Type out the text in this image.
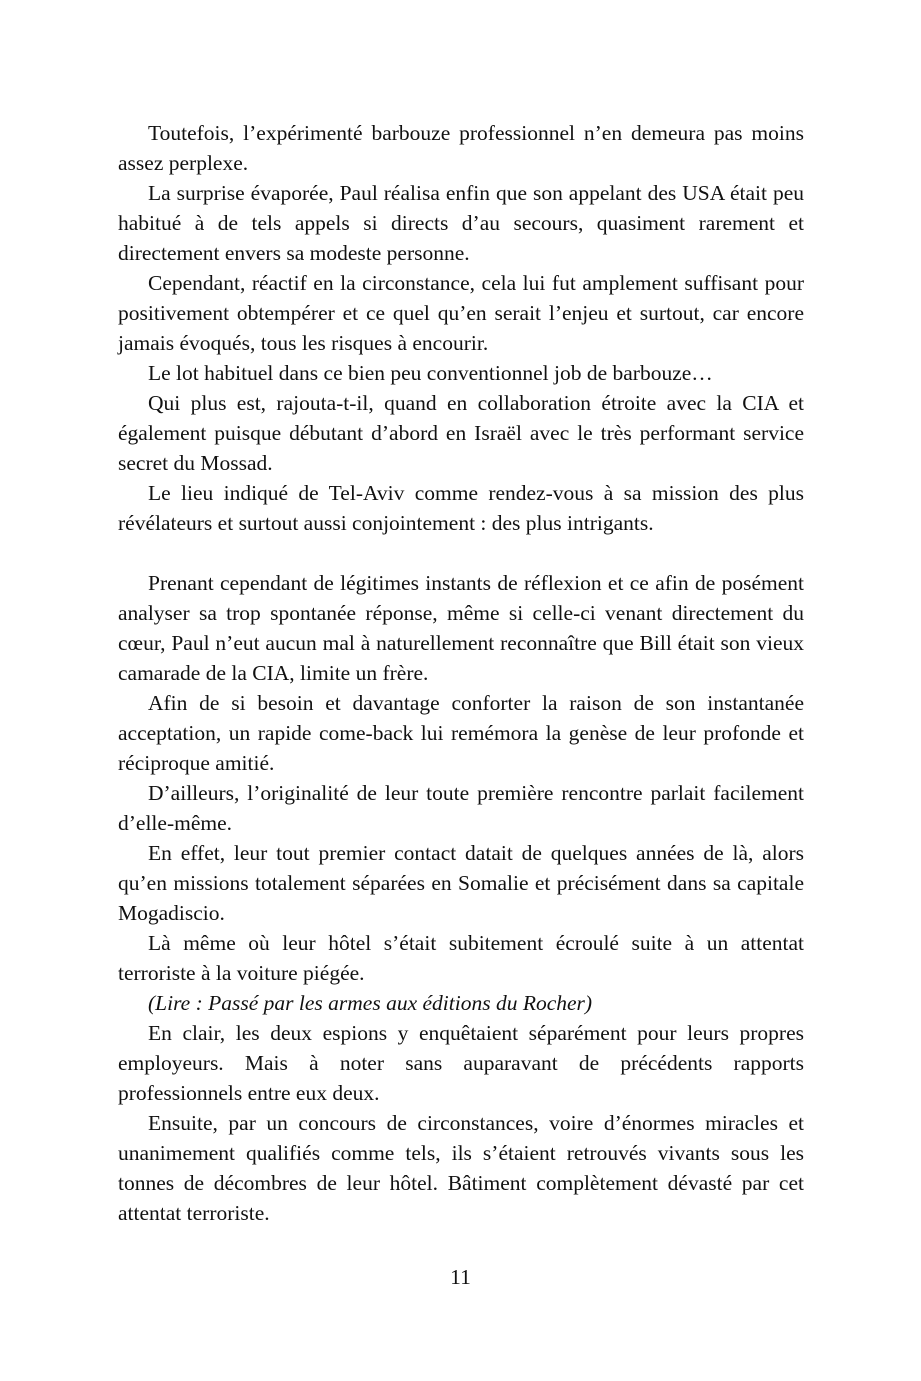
Toutefois, l’expérimenté barbouze professionnel n’en demeura pas moins assez perplexe.

La surprise évaporée, Paul réalisa enfin que son appelant des USA était peu habitué à de tels appels si directs d’au secours, quasiment rarement et directement envers sa modeste personne.

Cependant, réactif en la circonstance, cela lui fut amplement suffisant pour positivement obtempérer et ce quel qu’en serait l’enjeu et surtout, car encore jamais évoqués, tous les risques à encourir.

Le lot habituel dans ce bien peu conventionnel job de barbouze…

Qui plus est, rajouta-t-il, quand en collaboration étroite avec la CIA et également puisque débutant d’abord en Israël avec le très performant service secret du Mossad.

Le lieu indiqué de Tel-Aviv comme rendez-vous à sa mission des plus révélateurs et surtout aussi conjointement : des plus intrigants.

Prenant cependant de légitimes instants de réflexion et ce afin de posément analyser sa trop spontanée réponse, même si celle-ci venant directement du cœur, Paul n’eut aucun mal à naturellement reconnaître que Bill était son vieux camarade de la CIA, limite un frère.

Afin de si besoin et davantage conforter la raison de son instantanée acceptation, un rapide come-back lui remémora la genèse de leur profonde et réciproque amitié.

D’ailleurs, l’originalité de leur toute première rencontre parlait facilement d’elle-même.

En effet, leur tout premier contact datait de quelques années de là, alors qu’en missions totalement séparées en Somalie et précisément dans sa capitale Mogadiscio.

Là même où leur hôtel s’était subitement écroulé suite à un attentat terroriste à la voiture piégée.

(Lire : Passé par les armes aux éditions du Rocher)

En clair, les deux espions y enquêtaient séparément pour leurs propres employeurs. Mais à noter sans auparavant de précédents rapports professionnels entre eux deux.

Ensuite, par un concours de circonstances, voire d’énormes miracles et unanimement qualifiés comme tels, ils s’étaient retrouvés vivants sous les tonnes de décombres de leur hôtel. Bâtiment complètement dévasté par cet attentat terroriste.

11
